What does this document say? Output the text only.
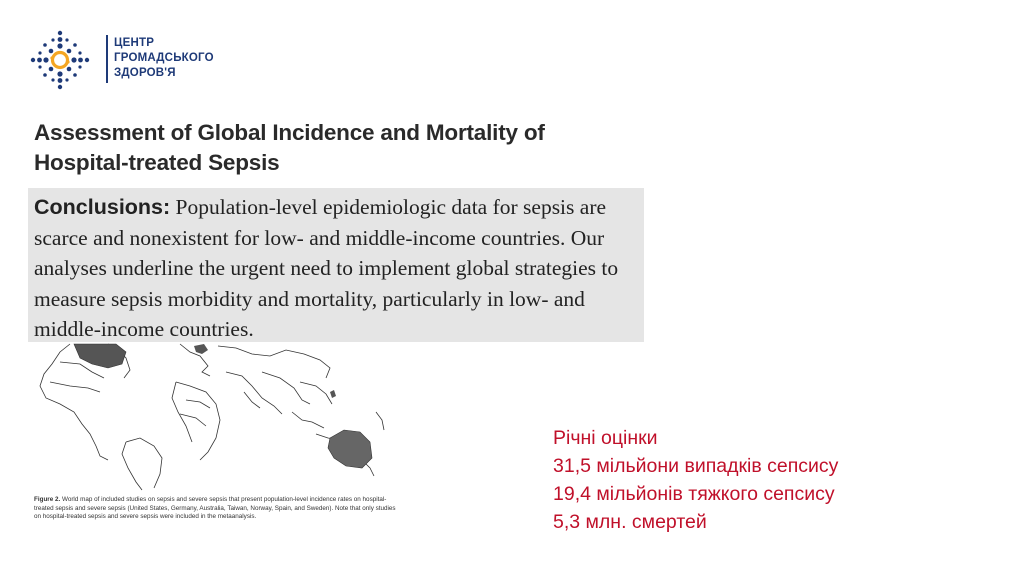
ЦЕНТР
ГРОМАДСЬКОГО
ЗДОРОВ'Я
Assessment of Global Incidence and Mortality of Hospital-treated Sepsis
Conclusions: Population-level epidemiologic data for sepsis are scarce and nonexistent for low- and middle-income countries. Our analyses underline the urgent need to implement global strategies to measure sepsis morbidity and mortality, particularly in low- and middle-income countries.
Figure 2. World map of included studies on sepsis and severe sepsis that present population-level incidence rates on hospital-treated sepsis and severe sepsis (United States, Germany, Australia, Taiwan, Norway, Spain, and Sweden). Note that only studies on hospital-treated sepsis and severe sepsis were included in the metaanalysis.
Річні оцінки
31,5 мільйони випадків сепсису
19,4 мільйонів тяжкого сепсису
5,3 млн. смертей
